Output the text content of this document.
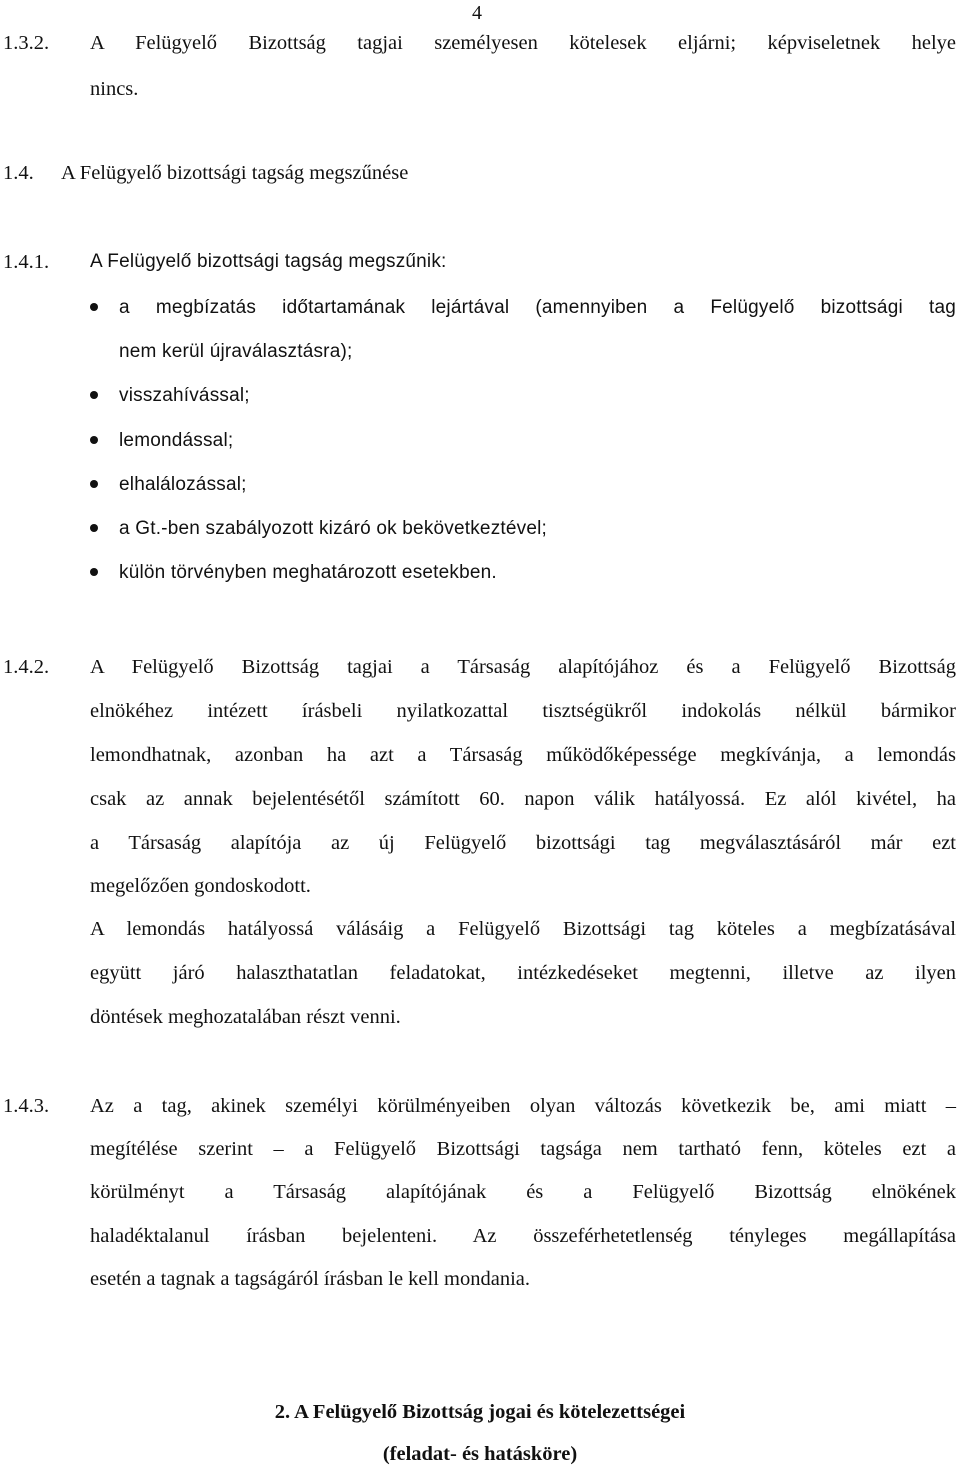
4
1.3.2. A Felügyelő Bizottság tagjai személyesen kötelesek eljárni; képviseletnek helye
nincs.
1.4. A Felügyelő bizottsági tagság megszűnése
1.4.1. A Felügyelő bizottsági tagság megszűnik:
a megbízatás időtartamának lejártával (amennyiben a Felügyelő bizottsági tag
nem kerül újraválasztásra);
visszahívással;
lemondással;
elhalálozással;
a Gt.-ben szabályozott kizáró ok bekövetkeztével;
külön törvényben meghatározott esetekben.
1.4.2. A Felügyelő Bizottság tagjai a Társaság alapítójához és a Felügyelő Bizottság
elnökéhez intézett írásbeli nyilatkozattal tisztségükről indokolás nélkül bármikor
lemondhatnak, azonban ha azt a Társaság működőképessége megkívánja, a lemondás
csak az annak bejelentésétől számított 60. napon válik hatályossá. Ez alól kivétel, ha
a Társaság alapítója az új Felügyelő bizottsági tag megválasztásáról már ezt
megelőzően gondoskodott.
A lemondás hatályossá válásáig a Felügyelő Bizottsági tag köteles a megbízatásával
együtt járó halaszthatatlan feladatokat, intézkedéseket megtenni, illetve az ilyen
döntések meghozatalában részt venni.
1.4.3. Az a tag, akinek személyi körülményeiben olyan változás következik be, ami miatt –
megítélése szerint – a Felügyelő Bizottsági tagsága nem tartható fenn, köteles ezt a
körülményt a Társaság alapítójának és a Felügyelő Bizottság elnökének
haladéktalanul írásban bejelenteni. Az összeférhetetlenség tényleges megállapítása
esetén a tagnak a tagságáról írásban le kell mondania.
2. A Felügyelő Bizottság jogai és kötelezettségei
(feladat- és hatásköre)
